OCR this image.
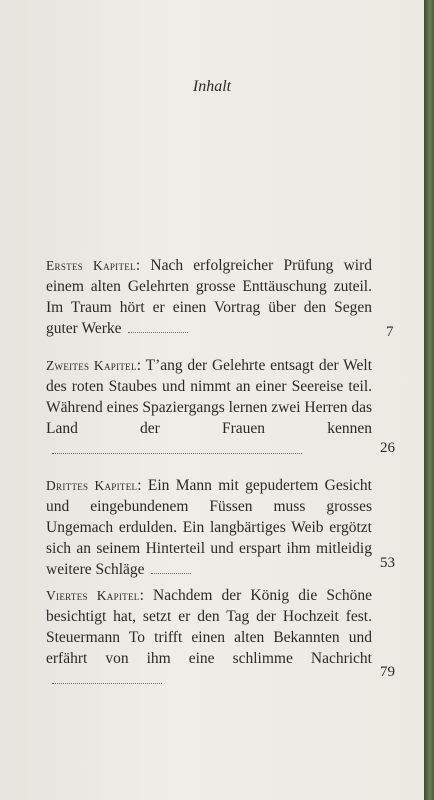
Inhalt
Erstes Kapitel: Nach erfolgreicher Prüfung wird einem alten Gelehrten grosse Enttäuschung zuteil. Im Traum hört er einen Vortrag über den Segen guter Werke	7
Zweites Kapitel: T’ang der Gelehrte entsagt der Welt des roten Staubes und nimmt an einer Seereise teil. Während eines Spaziergangs lernen zwei Herren das Land der Frauen kennen
26
Drittes Kapitel: Ein Mann mit gepudertem Gesicht und eingebundenem Füssen muss grosses Ungemach erdulden. Ein langbärtiges Weib ergötzt sich an seinem Hinterteil und erspart ihm mitleidig weitere Schläge	53
Viertes Kapitel: Nachdem der König die Schöne besichtigt hat, setzt er den Tag der Hochzeit fest. Steuermann To trifft einen alten Bekannten und erfährt von ihm eine schlimme Nachricht
79
